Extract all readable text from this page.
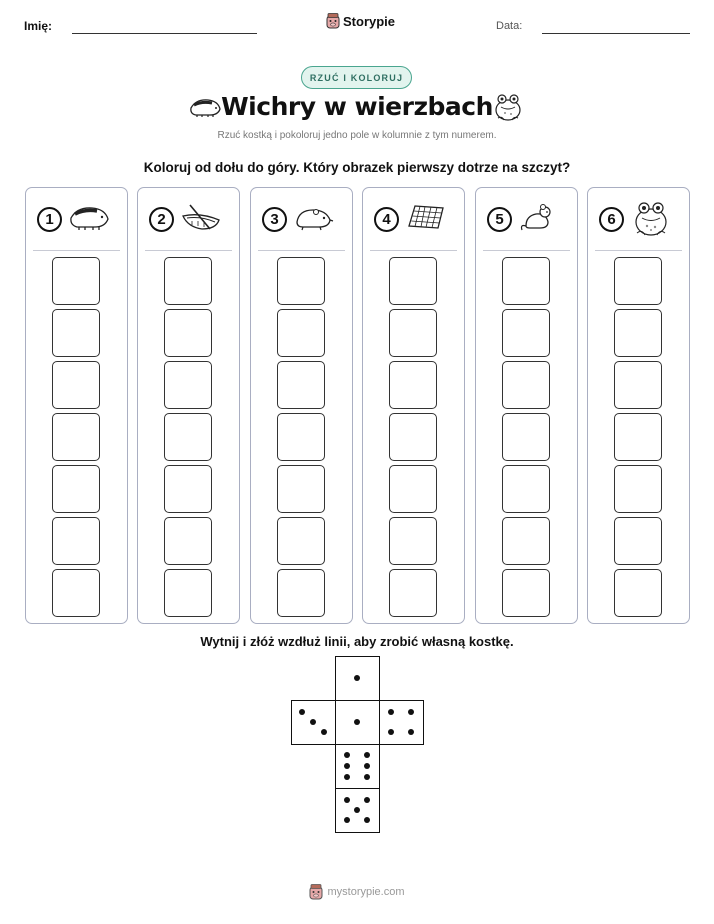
Imię:	Storypie	Data:
RZUĆ I KOLORUJ
Wichry w wierzbach
Rzuć kostką i pokoloruj jedno pole w kolumnie z tym numerem.
Koloruj od dołu do góry. Który obrazek pierwszy dotrze na szczyt?
1	2	3	4	5	6
Wytnij i złóż wzdłuż linii, aby zrobić własną kostkę.
mystorypie.com
